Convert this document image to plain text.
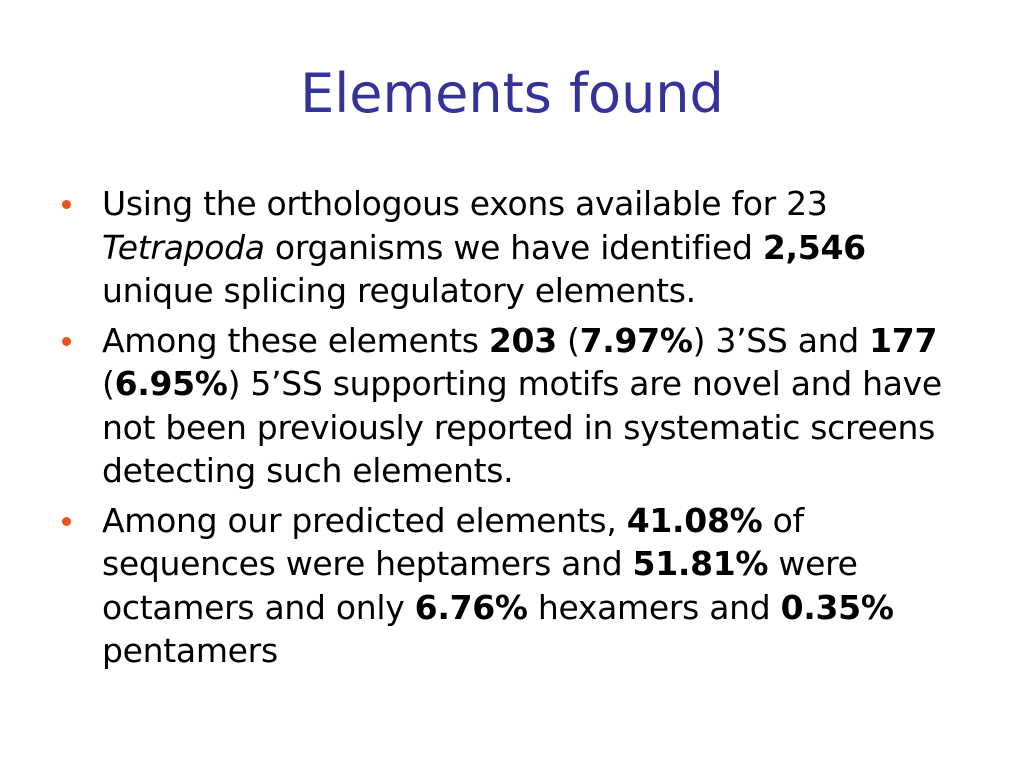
Elements found
Using the orthologous exons available for 23 Tetrapoda organisms we have identified 2,546 unique splicing regulatory elements.
Among these elements 203 (7.97%) 3’SS and 177 (6.95%) 5’SS supporting motifs are novel and have not been previously reported in systematic screens detecting such elements.
Among our predicted elements, 41.08% of sequences were heptamers and 51.81% were octamers and only 6.76% hexamers and 0.35% pentamers
